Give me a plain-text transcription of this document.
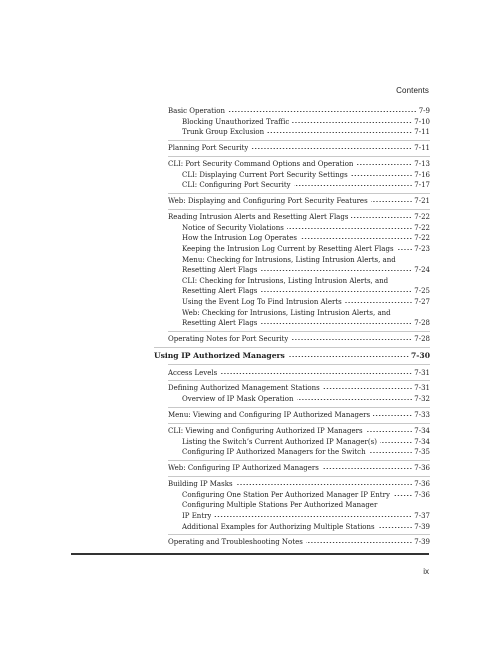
Contents
Basic Operation	7-9
Blocking Unauthorized Traffic	7-10
Trunk Group Exclusion	7-11
Planning Port Security	7-11
CLI: Port Security Command Options and Operation	7-13
CLI: Displaying Current Port Security Settings	7-16
CLI: Configuring Port Security	7-17
Web: Displaying and Configuring Port Security Features	7-21
Reading Intrusion Alerts and Resetting Alert Flags	7-22
Notice of Security Violations	7-22
How the Intrusion Log Operates	7-22
Keeping the Intrusion Log Current by Resetting Alert Flags	7-23
Menu: Checking for Intrusions, Listing Intrusion Alerts, and
Resetting Alert Flags	7-24
CLI: Checking for Intrusions, Listing Intrusion Alerts, and
Resetting Alert Flags	7-25
Using the Event Log To Find Intrusion Alerts	7-27
Web: Checking for Intrusions, Listing Intrusion Alerts, and
Resetting Alert Flags	7-28
Operating Notes for Port Security	7-28
Using IP Authorized Managers	7-30
Access Levels	7-31
Defining Authorized Management Stations	7-31
Overview of IP Mask Operation	7-32
Menu: Viewing and Configuring IP Authorized Managers	7-33
CLI: Viewing and Configuring Authorized IP Managers	7-34
Listing the Switch’s Current Authorized IP Manager(s)	7-34
Configuring IP Authorized Managers for the Switch	7-35
Web: Configuring IP Authorized Managers	7-36
Building IP Masks	7-36
Configuring One Station Per Authorized Manager IP Entry	7-36
Configuring Multiple Stations Per Authorized Manager
IP Entry	7-37
Additional Examples for Authorizing Multiple Stations	7-39
Operating and Troubleshooting Notes	7-39
ix
